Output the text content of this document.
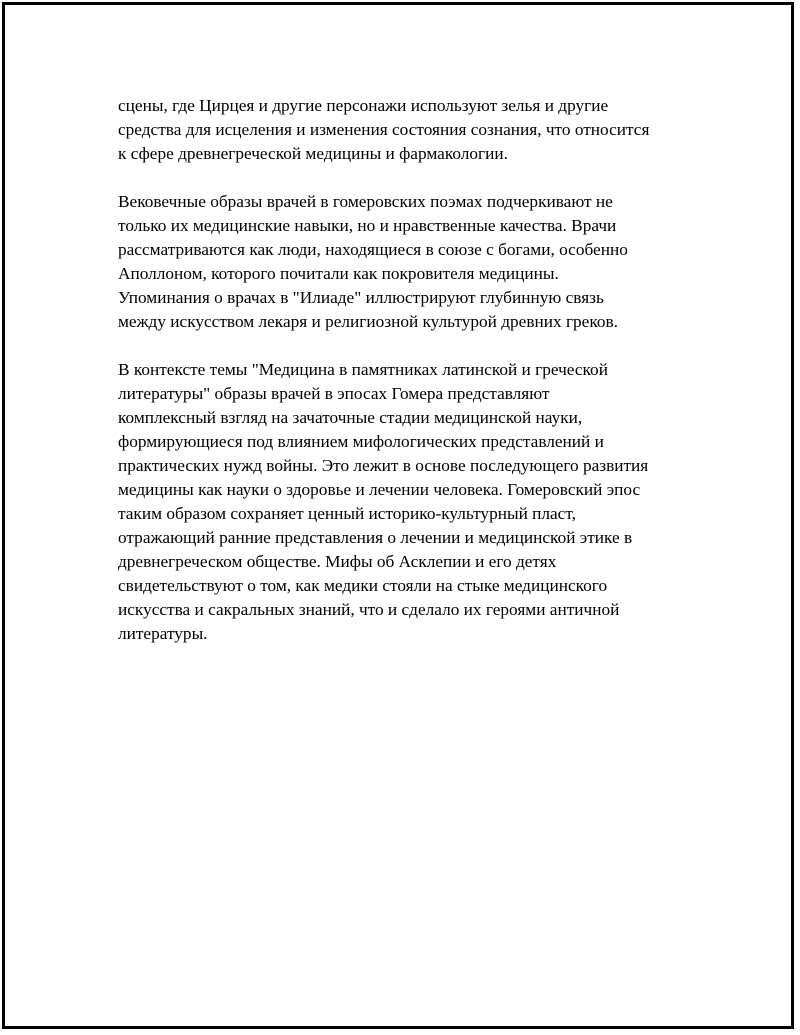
сцены, где Цирцея и другие персонажи используют зелья и другие
средства для исцеления и изменения состояния сознания, что относится
к сфере древнегреческой медицины и фармакологии.

Вековечные образы врачей в гомеровских поэмах подчеркивают не
только их медицинские навыки, но и нравственные качества. Врачи
рассматриваются как люди, находящиеся в союзе с богами, особенно
Аполлоном, которого почитали как покровителя медицины.
Упоминания о врачах в "Илиаде" иллюстрируют глубинную связь
между искусством лекаря и религиозной культурой древних греков.

В контексте темы "Медицина в памятниках латинской и греческой
литературы" образы врачей в эпосах Гомера представляют
комплексный взгляд на зачаточные стадии медицинской науки,
формирующиеся под влиянием мифологических представлений и
практических нужд войны. Это лежит в основе последующего развития
медицины как науки о здоровье и лечении человека. Гомеровский эпос
таким образом сохраняет ценный историко-культурный пласт,
отражающий ранние представления о лечении и медицинской этике в
древнегреческом обществе. Мифы об Асклепии и его детях
свидетельствуют о том, как медики стояли на стыке медицинского
искусства и сакральных знаний, что и сделало их героями античной
литературы.
